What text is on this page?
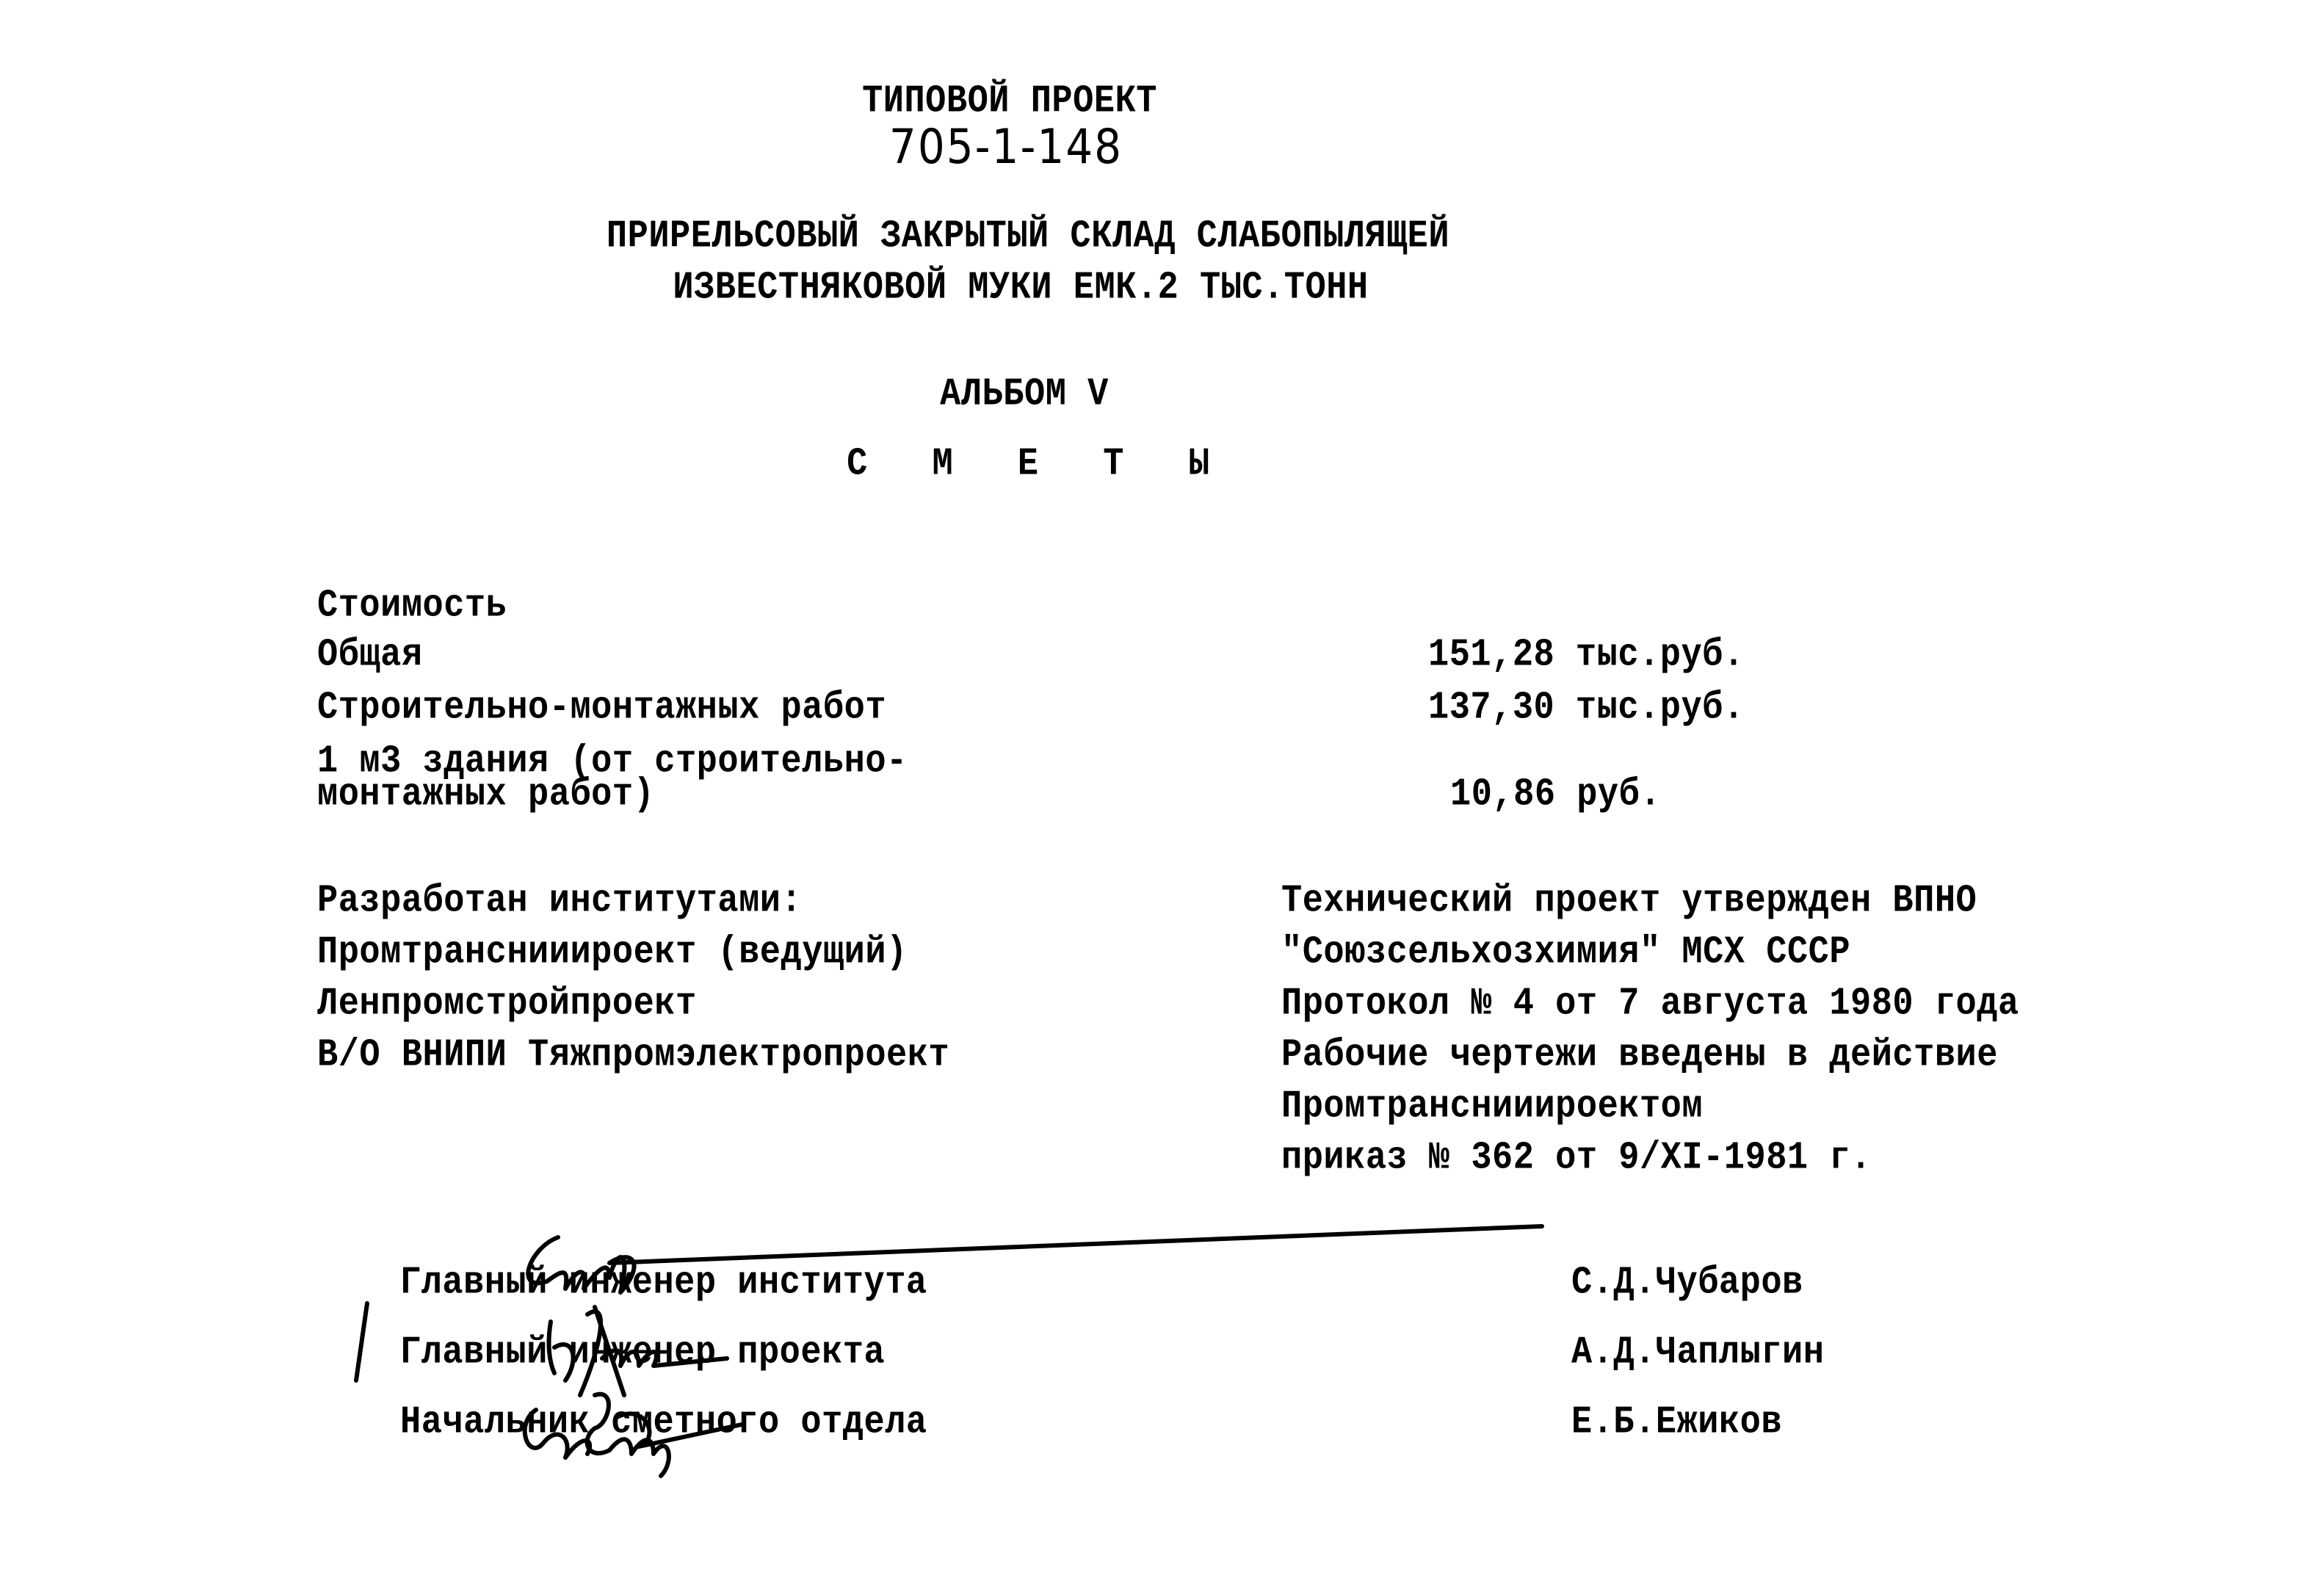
ТИПОВОЙ ПРОЕКТ
705-1-148
ПРИРЕЛЬСОВЫЙ ЗАКРЫТЫЙ СКЛАД СЛАБОПЫЛЯЩЕЙ
ИЗВЕСТНЯКОВОЙ МУКИ ЕМК.2 ТЫС.ТОНН
АЛЬБОМ V
С М Е Т Ы
Стоимость
Общая	151,28 тыс.руб.
Строительно-монтажных работ	137,30 тыс.руб.
1 м3 здания (от строительно-
монтажных работ)	10,86 руб.
Разработан институтами:
Промтранснииироект (ведущий)
Ленпромстройпроект
В/О ВНИПИ Тяжпромэлектропроект
Технический проект утвержден ВПНО
"Союзсельхозхимия" МСХ СССР
Протокол № 4 от 7 августа 1980 года
Рабочие чертежи введены в действие
Промтранснииироектом
приказ № 362 от 9/XI-1981 г.
Главный инженер института	С.Д.Чубаров
Главный инженер проекта	А.Д.Чаплыгин
Начальник сметного отдела	Е.Б.Ежиков
